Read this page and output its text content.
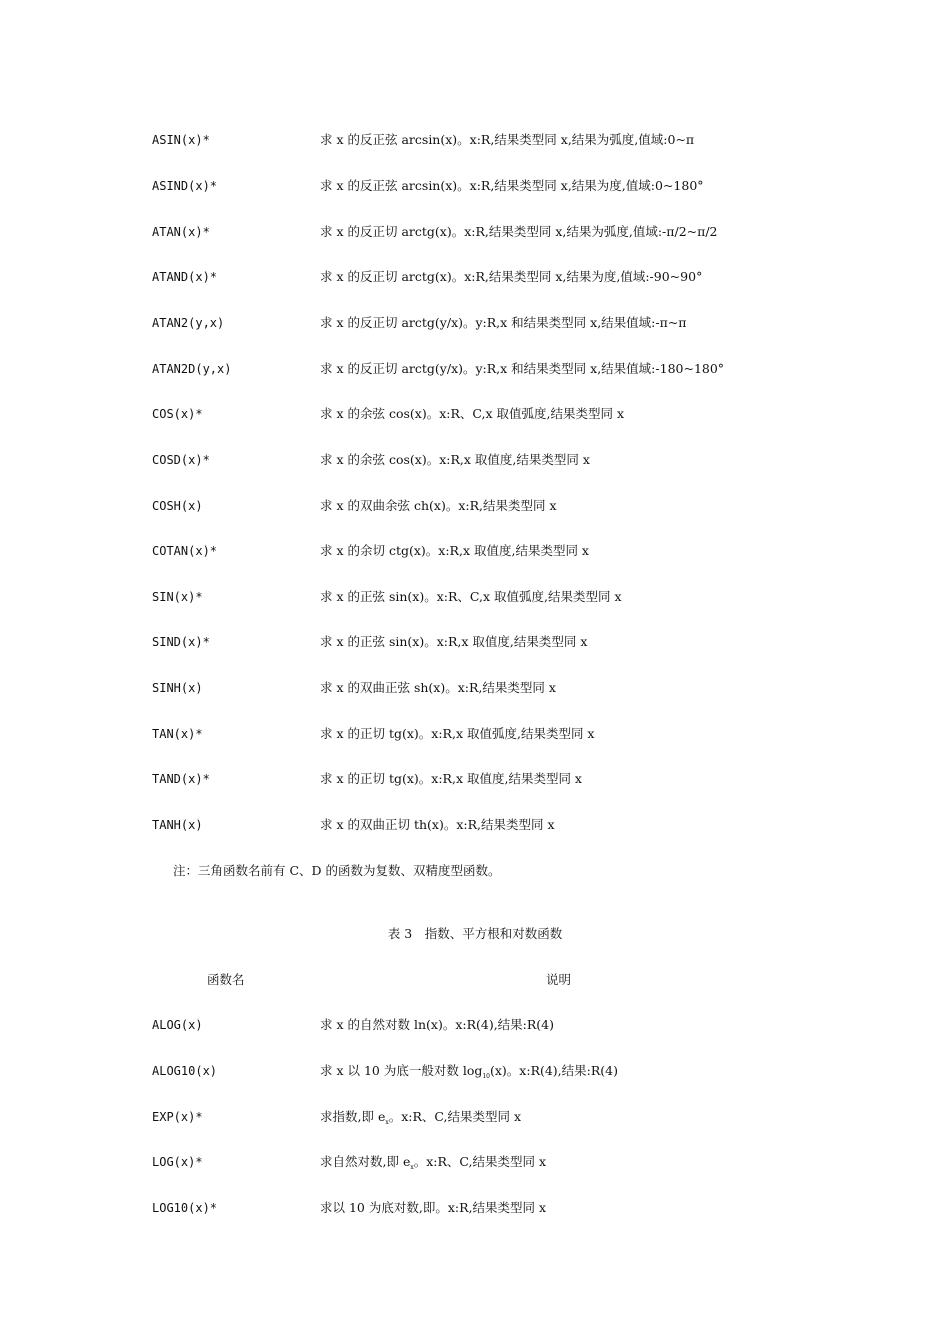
ASIN(x)*	求 x 的反正弦 arcsin(x)。x:R,结果类型同 x,结果为弧度,值域:0~π
ASIND(x)*	求 x 的反正弦 arcsin(x)。x:R,结果类型同 x,结果为度,值域:0~180°
ATAN(x)*	求 x 的反正切 arctg(x)。x:R,结果类型同 x,结果为弧度,值域:-π/2~π/2
ATAND(x)*	求 x 的反正切 arctg(x)。x:R,结果类型同 x,结果为度,值域:-90~90°
ATAN2(y,x)	求 x 的反正切 arctg(y/x)。y:R,x 和结果类型同 x,结果值域:-π~π
ATAN2D(y,x)	求 x 的反正切 arctg(y/x)。y:R,x 和结果类型同 x,结果值域:-180~180°
COS(x)*	求 x 的余弦 cos(x)。x:R、C,x 取值弧度,结果类型同 x
COSD(x)*	求 x 的余弦 cos(x)。x:R,x 取值度,结果类型同 x
COSH(x)	求 x 的双曲余弦 ch(x)。x:R,结果类型同 x
COTAN(x)*	求 x 的余切 ctg(x)。x:R,x 取值度,结果类型同 x
SIN(x)*	求 x 的正弦 sin(x)。x:R、C,x 取值弧度,结果类型同 x
SIND(x)*	求 x 的正弦 sin(x)。x:R,x 取值度,结果类型同 x
SINH(x)	求 x 的双曲正弦 sh(x)。x:R,结果类型同 x
TAN(x)*	求 x 的正切 tg(x)。x:R,x 取值弧度,结果类型同 x
TAND(x)*	求 x 的正切 tg(x)。x:R,x 取值度,结果类型同 x
TANH(x)	求 x 的双曲正切 th(x)。x:R,结果类型同 x
注：三角函数名前有 C、D 的函数为复数、双精度型函数。
表 3　指数、平方根和对数函数
函数名	说明
ALOG(x)	求 x 的自然对数 ln(x)。x:R(4),结果:R(4)
ALOG10(x)	求 x 以 10 为底一般对数 $\log_{10}(x)$。x:R(4),结果:R(4)
EXP(x)*	求指数,即 $e_x$。x:R、C,结果类型同 x
LOG(x)*	求自然对数,即 $e_x$。x:R、C,结果类型同 x
LOG10(x)*	求以 10 为底对数,即。x:R,结果类型同 x
